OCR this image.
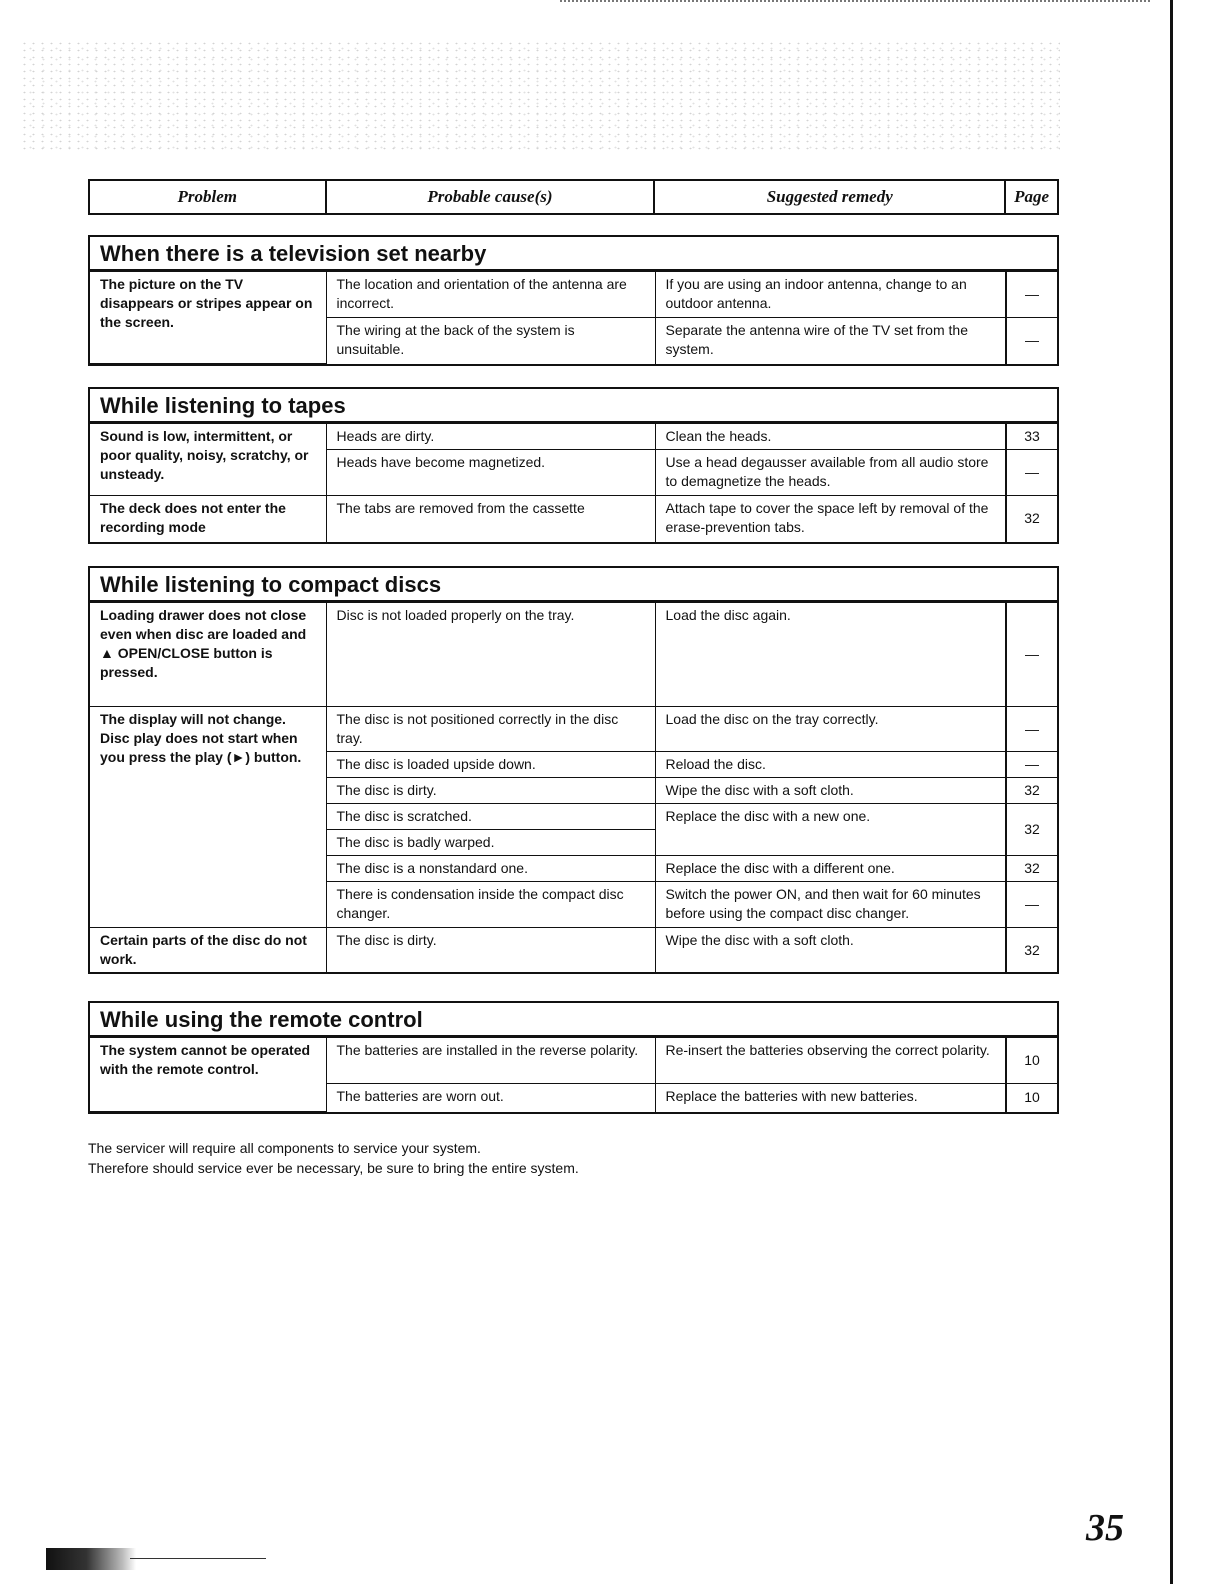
Problem	Probable cause(s)	Suggested remedy	Page
When there is a television set nearby
The picture on the TV disappears or stripes appear on the screen.	The location and orientation of the antenna are incorrect.	If you are using an indoor antenna, change to an outdoor antenna.	—
	The wiring at the back of the system is unsuitable.	Separate the antenna wire of the TV set from the system.	—
While listening to tapes
Sound is low, intermittent, or poor quality, noisy, scratchy, or unsteady.	Heads are dirty.	Clean the heads.	33
	Heads have become magnetized.	Use a head degausser available from all audio store to demagnetize the heads.	—
The deck does not enter the recording mode	The tabs are removed from the cassette	Attach tape to cover the space left by removal of the erase-prevention tabs.	32
While listening to compact discs
Loading drawer does not close even when disc are loaded and ▲ OPEN/CLOSE button is pressed.	Disc is not loaded properly on the tray.	Load the disc again.	—
The display will not change. Disc play does not start when you press the play (►) button.	The disc is not positioned correctly in the disc tray.	Load the disc on the tray correctly.	—
	The disc is loaded upside down.	Reload the disc.	—
	The disc is dirty.	Wipe the disc with a soft cloth.	32
	The disc is scratched.	Replace the disc with a new one.	32
	The disc is badly warped.		
	The disc is a nonstandard one.	Replace the disc with a different one.	32
	There is condensation inside the compact disc changer.	Switch the power ON, and then wait for 60 minutes before using the compact disc changer.	—
Certain parts of the disc do not work.	The disc is dirty.	Wipe the disc with a soft cloth.	32
While using the remote control
The system cannot be operated with the remote control.	The batteries are installed in the reverse polarity.	Re-insert the batteries observing the correct polarity.	10
	The batteries are worn out.	Replace the batteries with new batteries.	10
The servicer will require all components to service your system.
Therefore should service ever be necessary, be sure to bring the entire system.
35
